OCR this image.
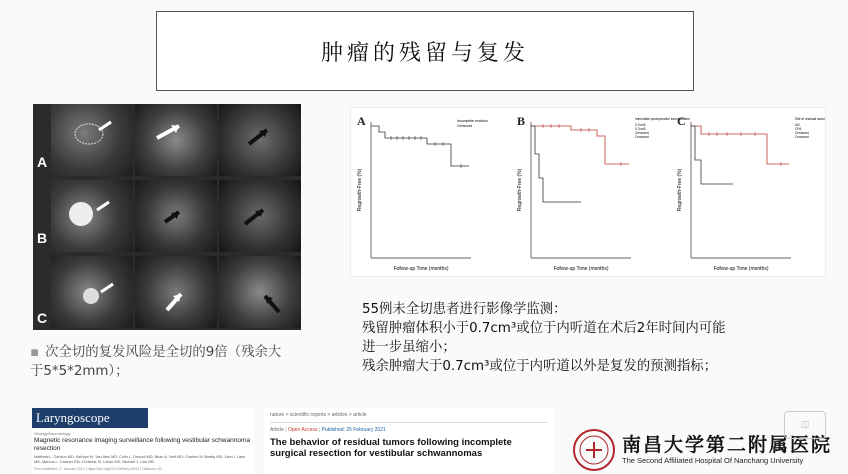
肿瘤的残留与复发
A
B
C
A
Follow-up Time (months)
Regrowth-Free (%)
Incomplete excision
Censored	B
Follow-up Time (months)
Regrowth-Free (%)
Immediate postoperative tumor volume
0.7cm3
0.7cm3
Censored
Censored
C
Follow-up Time (months)
Regrowth-Free (%)
Site of residual tumor
IAC
CPA
Censored
Censored
55例未全切患者进行影像学监测：
残留肿瘤体积小于0.7cm³或位于内听道在术后2年时间内可能
进一步虽缩小；
残余肿瘤大于0.7cm³或位于内听道以外是复发的预测指标；
▪ 次全切的复发风险是全切的9倍（残余大
于5*5*2mm）；
Laryngoscope
Otology/Neurotology
Magnetic resonance imaging surveillance following vestibular schwannoma resection
Matthew L. Carlson MD; Kathryn M. Van Abel MD; Colin L. Driscoll MD; Brian A. Neff MD; Charles W. Beatty MD; John I. Lane MD; Marcus L. Castner RN; Christine M. Lohse MS; Michael J. Link MD
First published: 17 January 2012 | https://doi.org/10.1002/lary.22411 | Citations: 83
nature > scientific reports > articles > article
Article | Open Access | Published: 25 February 2021
The behavior of residual tumors following incomplete surgical resection for vestibular schwannomas	南昌大学第二附属医院
The Second Affiliated Hospital Of Nanchang University
◫
